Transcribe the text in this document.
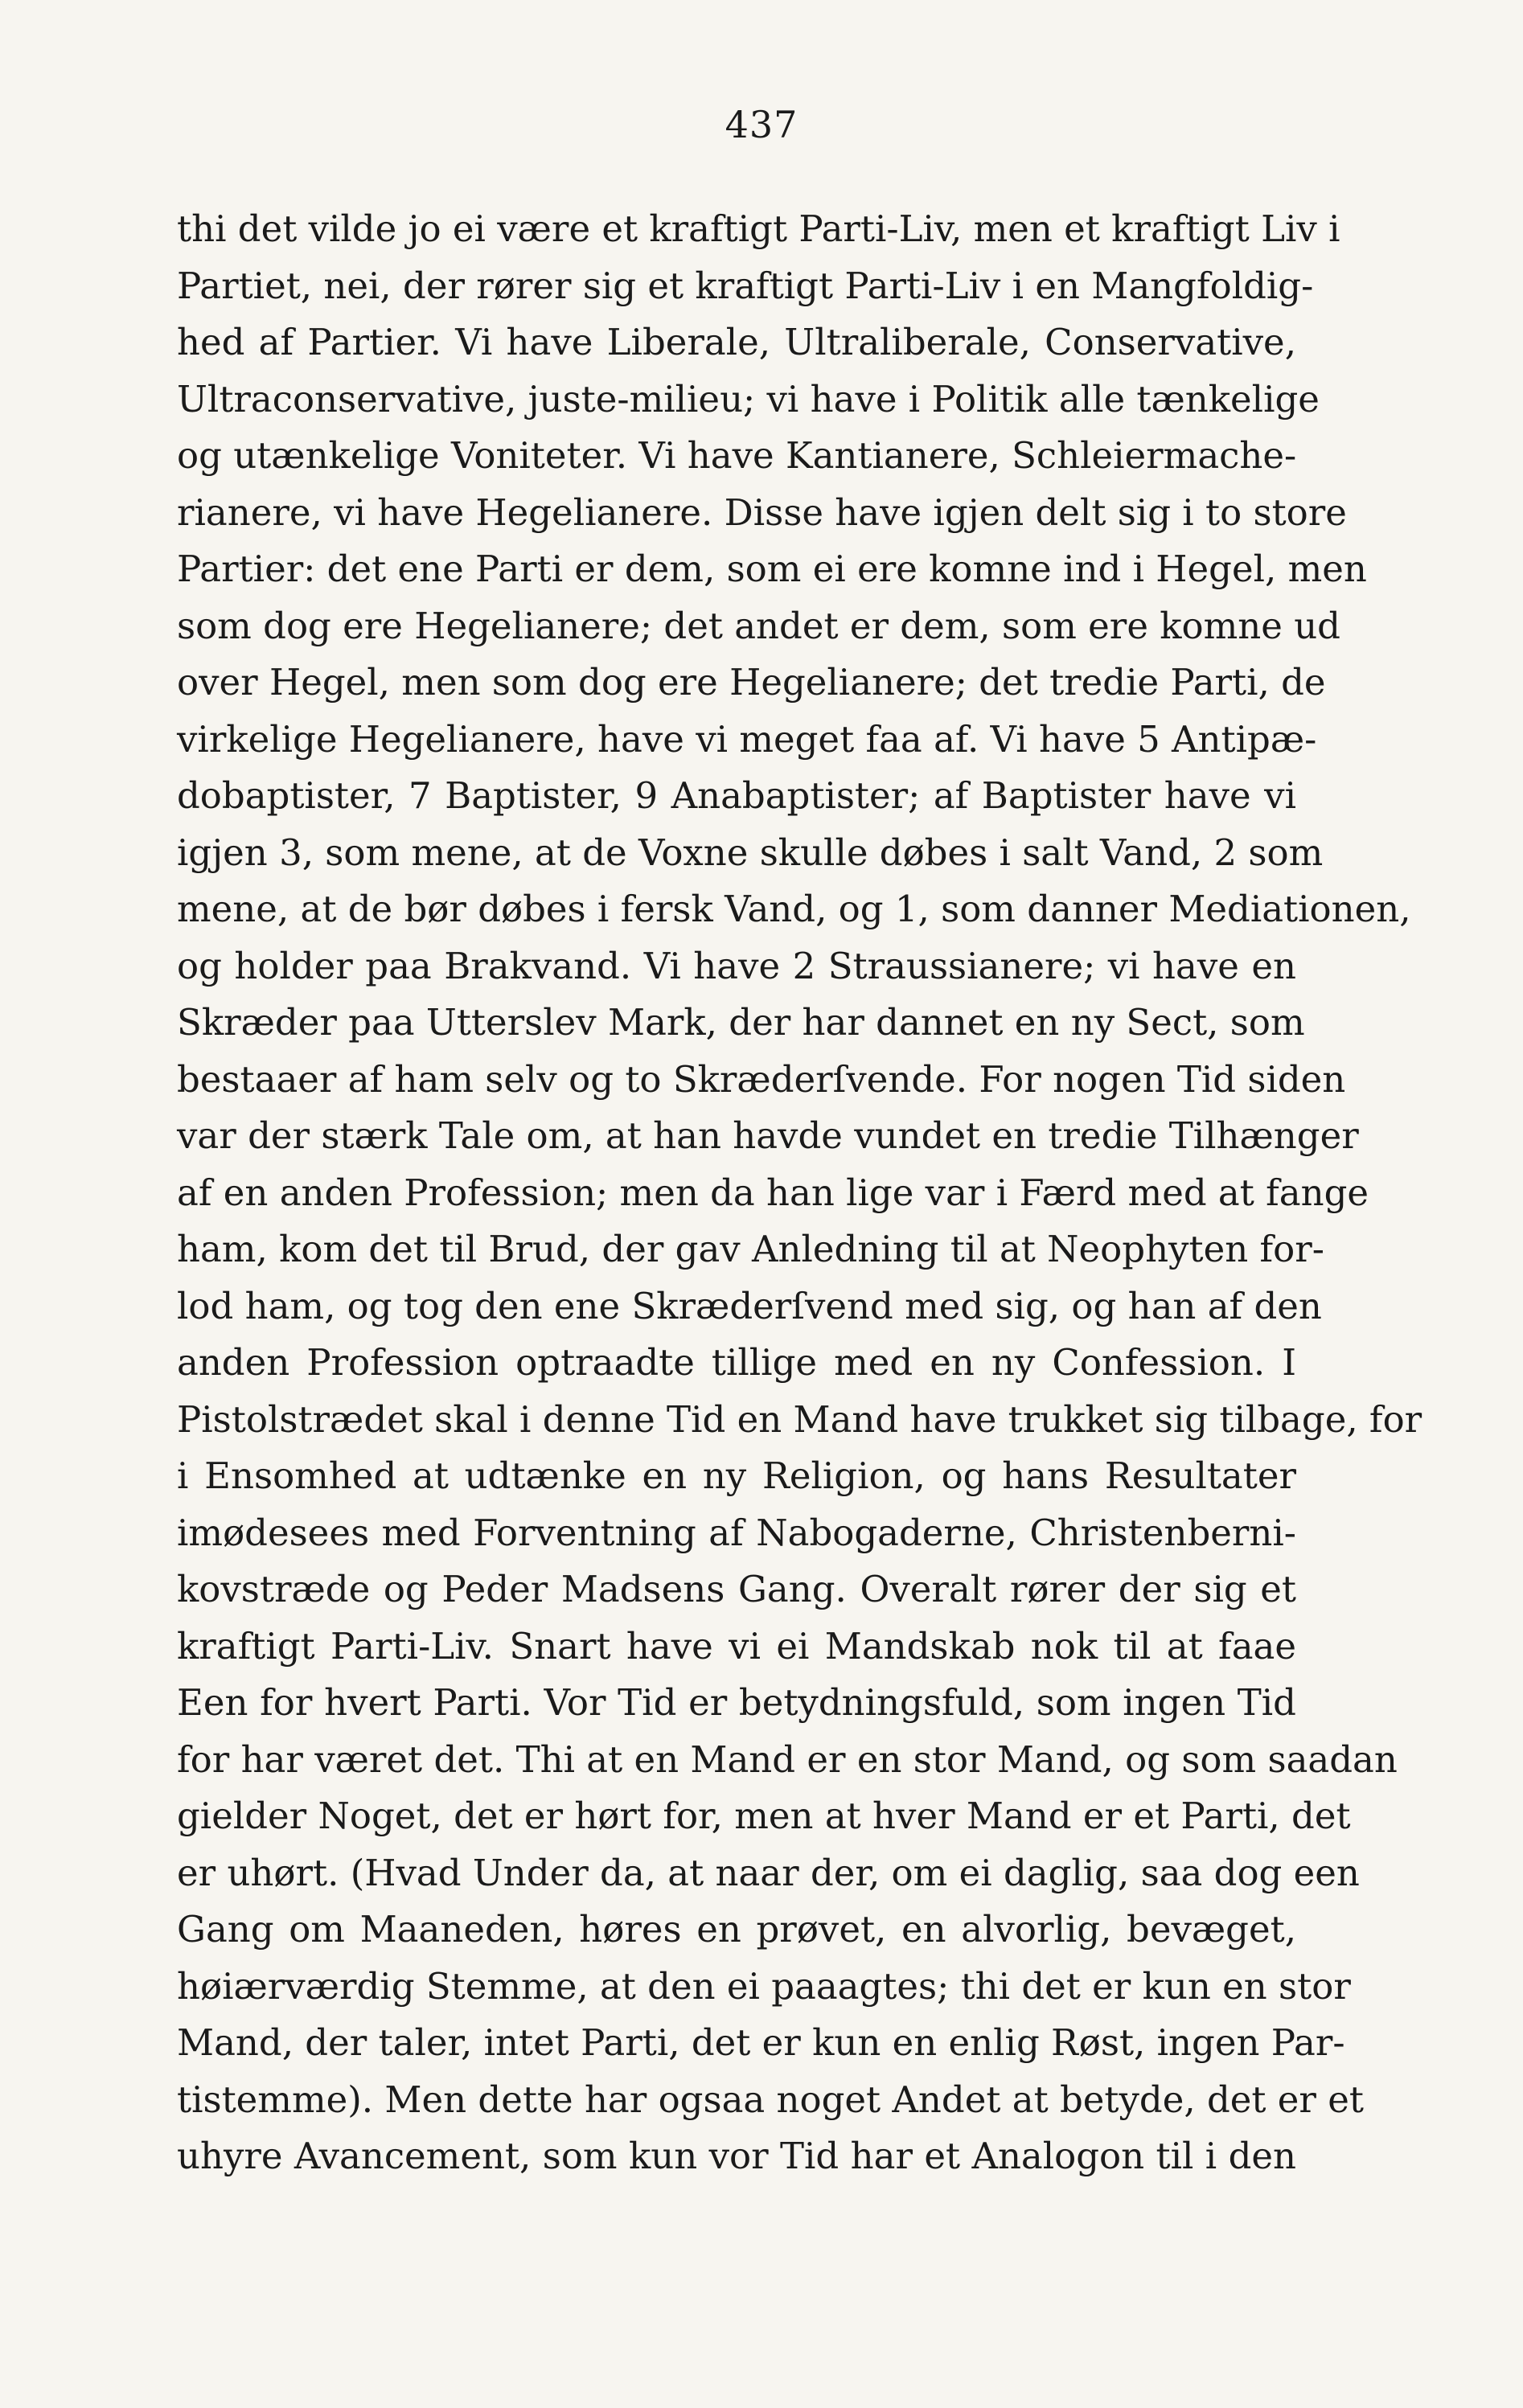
437
thi det vilde jo ei være et kraftigt Parti-Liv, men et kraftigt Liv i
Partiet, nei, der rører sig et kraftigt Parti-Liv i en Mangfoldig-
hed af Partier. Vi have Liberale, Ultraliberale, Conservative,
Ultraconservative, juste-milieu; vi have i Politik alle tænkelige
og utænkelige Voniteter. Vi have Kantianere, Schleiermache-
rianere, vi have Hegelianere. Disse have igjen delt sig i to store
Partier: det ene Parti er dem, som ei ere komne ind i Hegel, men
som dog ere Hegelianere; det andet er dem, som ere komne ud
over Hegel, men som dog ere Hegelianere; det tredie Parti, de
virkelige Hegelianere, have vi meget faa af. Vi have 5 Antipæ-
dobaptister, 7 Baptister, 9 Anabaptister; af Baptister have vi
igjen 3, som mene, at de Voxne skulle døbes i salt Vand, 2 som
mene, at de bør døbes i fersk Vand, og 1, som danner Mediationen,
og holder paa Brakvand. Vi have 2 Straussianere; vi have en
Skræder paa Utterslev Mark, der har dannet en ny Sect, som
bestaaer af ham selv og to Skræderſvende. For nogen Tid siden
var der stærk Tale om, at han havde vundet en tredie Tilhænger
af en anden Profession; men da han lige var i Færd med at fange
ham, kom det til Brud, der gav Anledning til at Neophyten for-
lod ham, og tog den ene Skræderſvend med sig, og han af den
anden Profession optraadte tillige med en ny Confession. I
Pistolstrædet skal i denne Tid en Mand have trukket sig tilbage, for
i Ensomhed at udtænke en ny Religion, og hans Resultater
imødesees med Forventning af Nabogaderne, Christenberni-
kovstræde og Peder Madsens Gang. Overalt rører der sig et
kraftigt Parti-Liv. Snart have vi ei Mandskab nok til at faae
Een for hvert Parti. Vor Tid er betydningsfuld, som ingen Tid
for har været det. Thi at en Mand er en stor Mand, og som saadan
gielder Noget, det er hørt for, men at hver Mand er et Parti, det
er uhørt. (Hvad Under da, at naar der, om ei daglig, saa dog een
Gang om Maaneden, høres en prøvet, en alvorlig, bevæget,
høiærværdig Stemme, at den ei paaagtes; thi det er kun en stor
Mand, der taler, intet Parti, det er kun en enlig Røst, ingen Par-
tistemme). Men dette har ogsaa noget Andet at betyde, det er et
uhyre Avancement, som kun vor Tid har et Analogon til i den
